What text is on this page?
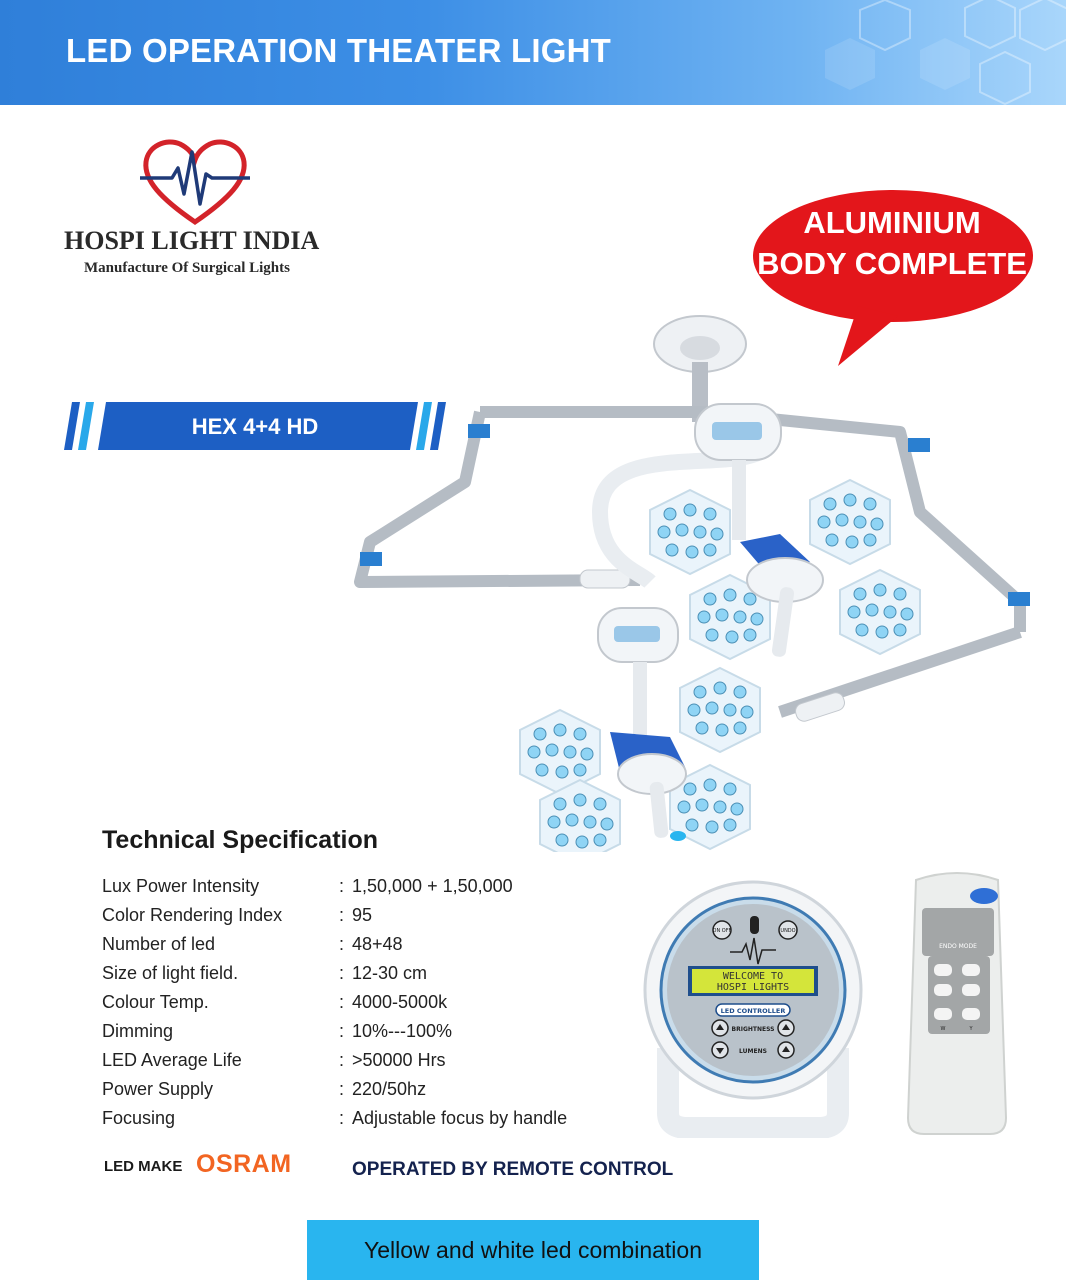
LED OPERATION THEATER LIGHT
HOSPI LIGHT INDIA
Manufacture Of Surgical Lights
ALUMINIUM
BODY COMPLETE
HEX 4+4 HD
Technical Specification
Lux Power Intensity	: 1,50,000 + 1,50,000
Color Rendering Index	: 95
Number of led	: 48+48
Size of light field.	: 12-30 cm
Colour Temp.	: 4000-5000k
Dimming	: 10%---100%
LED Average Life	: >50000 Hrs
Power Supply	: 220/50hz
Focusing	: Adjustable focus by handle
LED MAKE OSRAM	OPERATED BY REMOTE CONTROL
ON OFF	UNDO
WELCOME TO
HOSPI LIGHTS
LED CONTROLLER
BRIGHTNESS
LUMENS
ENDO MODE
W	Y
Yellow and white led combination
